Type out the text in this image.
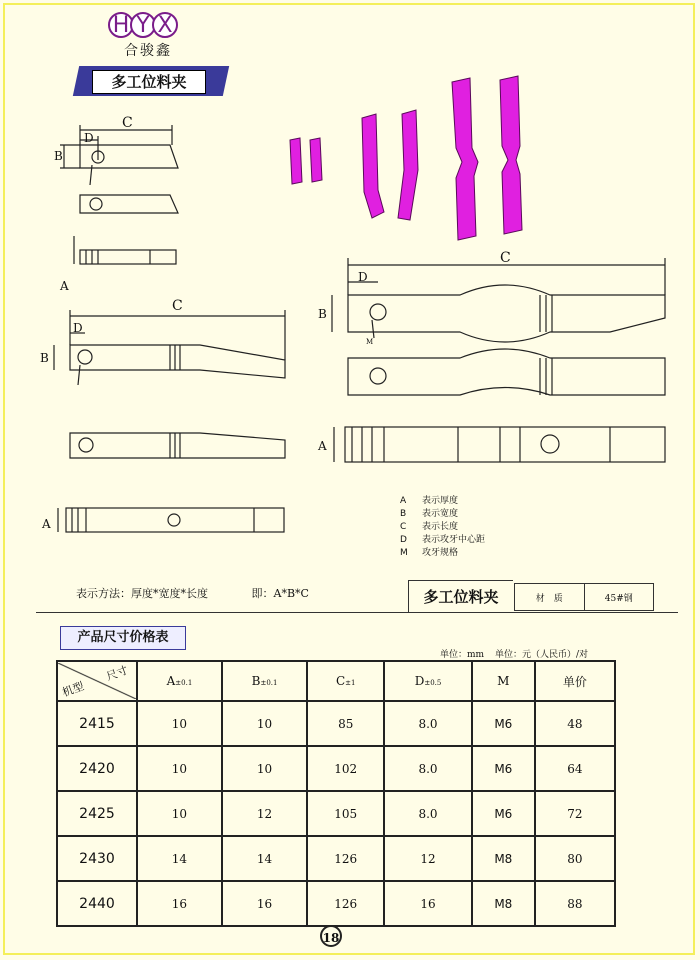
H Y X
合骏鑫
多工位料夹
C
D
B
A
C
D
B
A
C
D
B
M
A
A	表示厚度
B	表示宽度
C	表示长度
D	表示攻牙中心距
M	攻牙规格
表示方法：厚度*宽度*长度	即：A*B*C	多工位料夹	材　质	45#钢
产品尺寸价格表
单位：mm 单位：元（人民币）/对
尺寸
机型	A±0.1	B±0.1	C±1	D±0.5	M	单价
2415	10	10	85	8.0	M6	48
2420	10	10	102	8.0	M6	64
2425	10	12	105	8.0	M6	72
2430	14	14	126	12	M8	80
2440	16	16	126	16	M8	88
18
